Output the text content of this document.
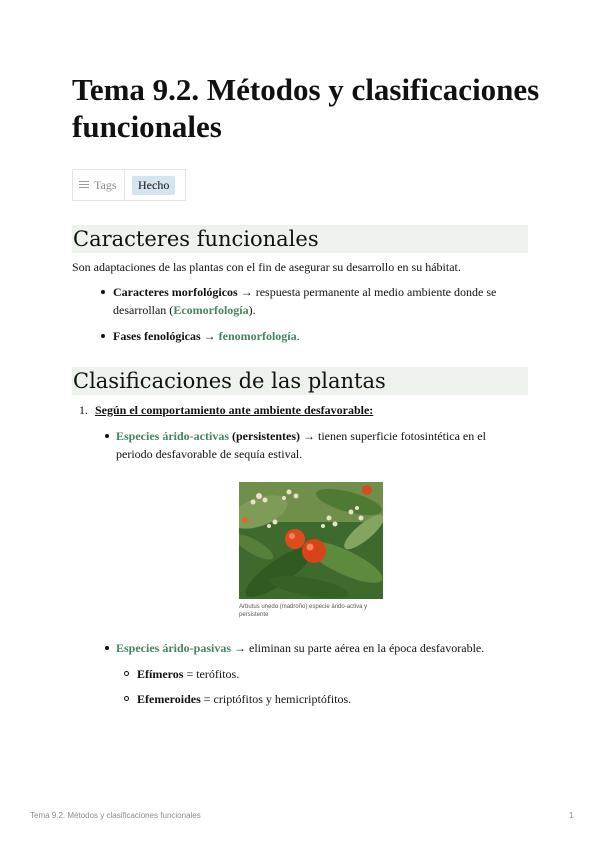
Tema 9.2. Métodos y clasificaciones funcionales
Tags	Hecho
Caracteres funcionales
Son adaptaciones de las plantas con el fin de asegurar su desarrollo en su hábitat.
Caracteres morfológicos → respuesta permanente al medio ambiente donde se
desarrollan (Ecomorfología).
Fases fenológicas → fenomorfología.
Clasificaciones de las plantas
1. Según el comportamiento ante ambiente desfavorable:
Especies árido-activas (persistentes) → tienen superficie fotosintética en el
periodo desfavorable de sequía estival.
Arbutus unedo (madroño) especie árido-activa y persistente
Especies árido-pasivas → eliminan su parte aérea en la época desfavorable.
Efímeros = terófitos.
Efemeroides = criptófitos y hemicriptófitos.
Tema 9.2. Métodos y clasificaciones funcionales	1
